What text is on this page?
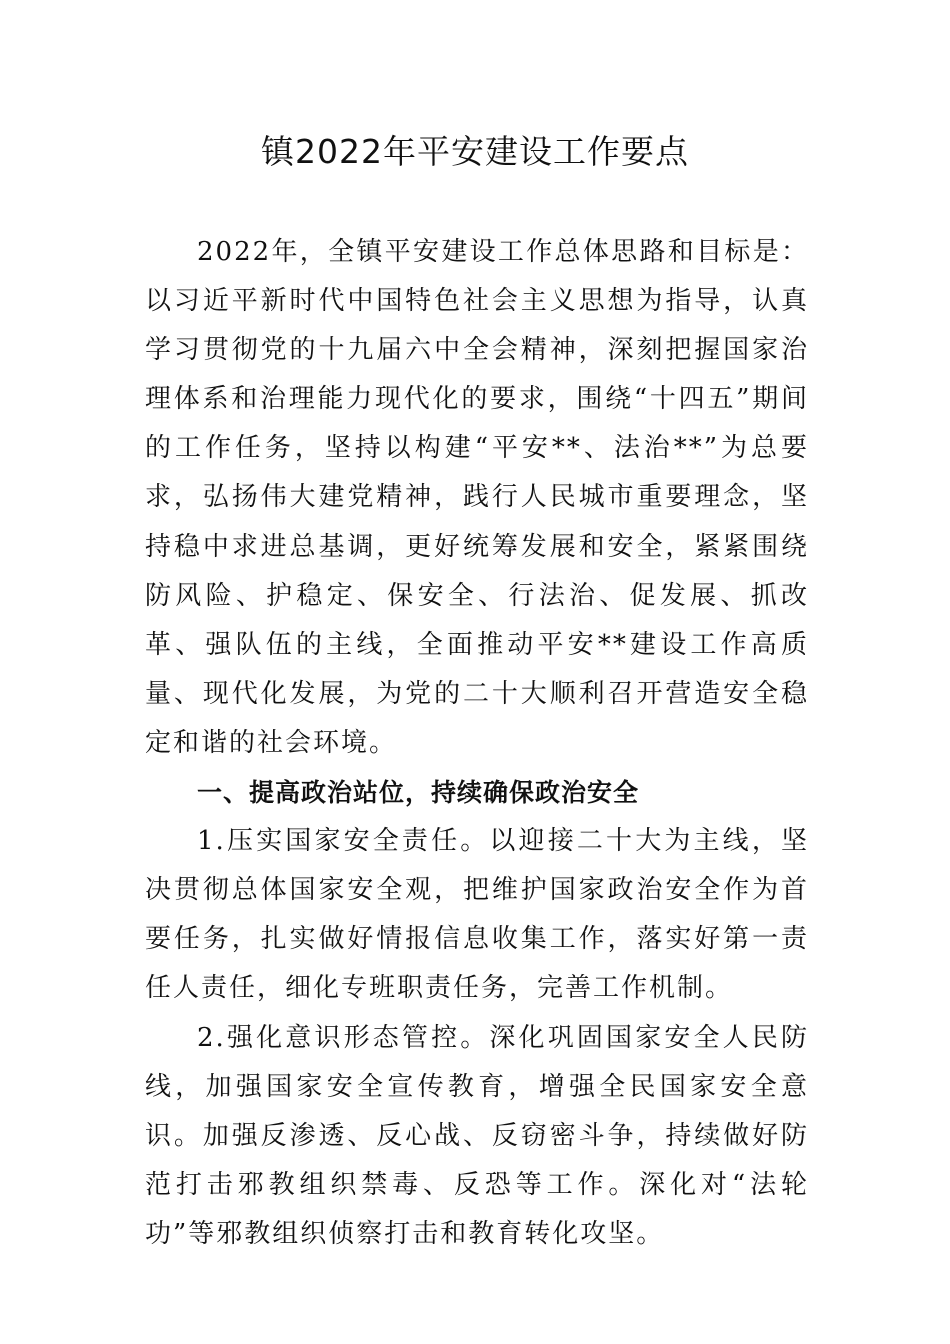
镇2022年平安建设工作要点

2022年，全镇平安建设工作总体思路和目标是：以习近平新时代中国特色社会主义思想为指导，认真学习贯彻党的十九届六中全会精神，深刻把握国家治理体系和治理能力现代化的要求，围绕“十四五”期间的工作任务，坚持以构建“平安**、法治**”为总要求，弘扬伟大建党精神，践行人民城市重要理念，坚持稳中求进总基调，更好统筹发展和安全，紧紧围绕防风险、护稳定、保安全、行法治、促发展、抓改革、强队伍的主线，全面推动平安**建设工作高质量、现代化发展，为党的二十大顺利召开营造安全稳定和谐的社会环境。

一、提高政治站位，持续确保政治安全

1.压实国家安全责任。以迎接二十大为主线，坚决贯彻总体国家安全观，把维护国家政治安全作为首要任务，扎实做好情报信息收集工作，落实好第一责任人责任，细化专班职责任务，完善工作机制。

2.强化意识形态管控。深化巩固国家安全人民防线，加强国家安全宣传教育，增强全民国家安全意识。加强反渗透、反心战、反窃密斗争，持续做好防范打击邪教组织禁毒、反恐等工作。深化对“法轮功”等邪教组织侦察打击和教育转化攻坚。
